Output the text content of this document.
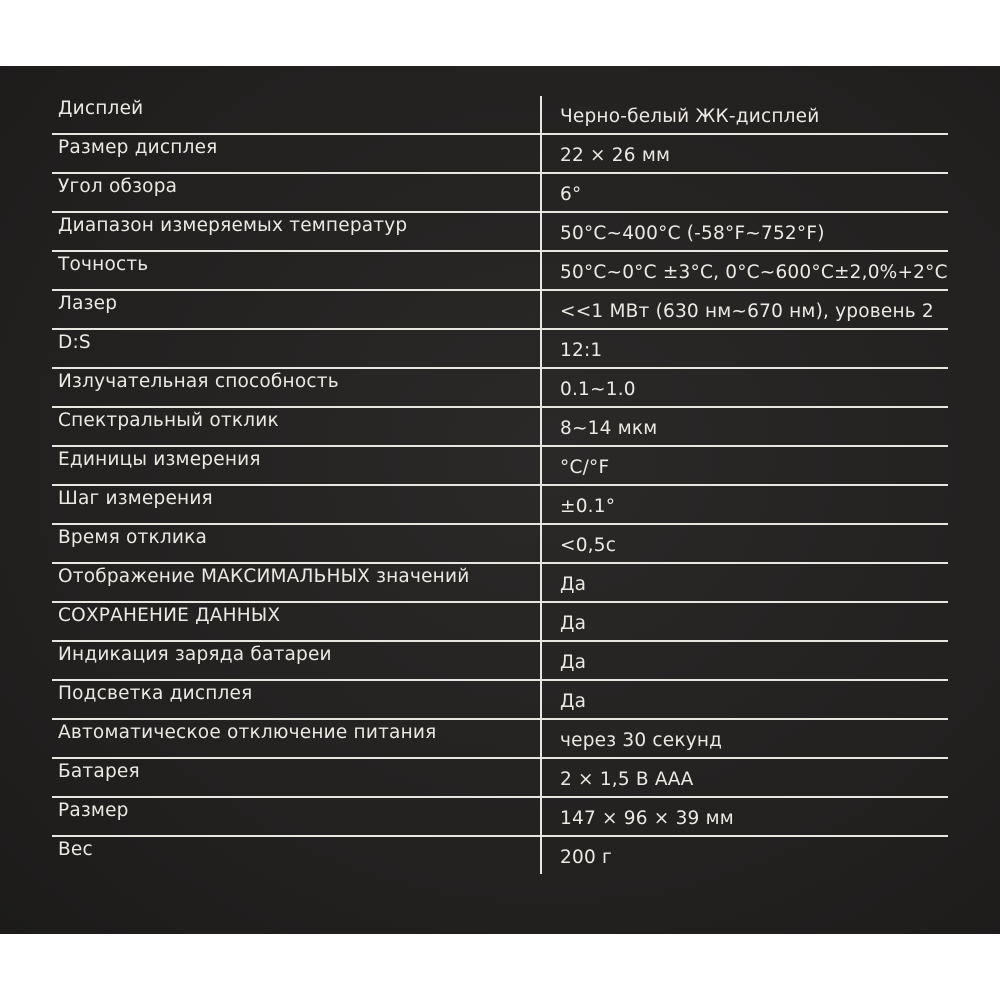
Дисплей	Черно-белый ЖК-дисплей
Размер дисплея	22 × 26 мм
Угол обзора	6°
Диапазон измеряемых температур	50°C~400°C (-58°F~752°F)
Точность	50°C~0°C ±3°C, 0°C~600°C±2,0%+2°C
Лазер	<<1 МВт (630 нм~670 нм), уровень 2
D:S	12:1
Излучательная способность	0.1~1.0
Спектральный отклик	8~14 мкм
Единицы измерения	°C/°F
Шаг измерения	±0.1°
Время отклика	<0,5с
Отображение МАКСИМАЛЬНЫХ значений	Да
СОХРАНЕНИЕ ДАННЫХ	Да
Индикация заряда батареи	Да
Подсветка дисплея	Да
Автоматическое отключение питания	через 30 секунд
Батарея	2 × 1,5 В ААА
Размер	147 × 96 × 39 мм
Вес	200 г
